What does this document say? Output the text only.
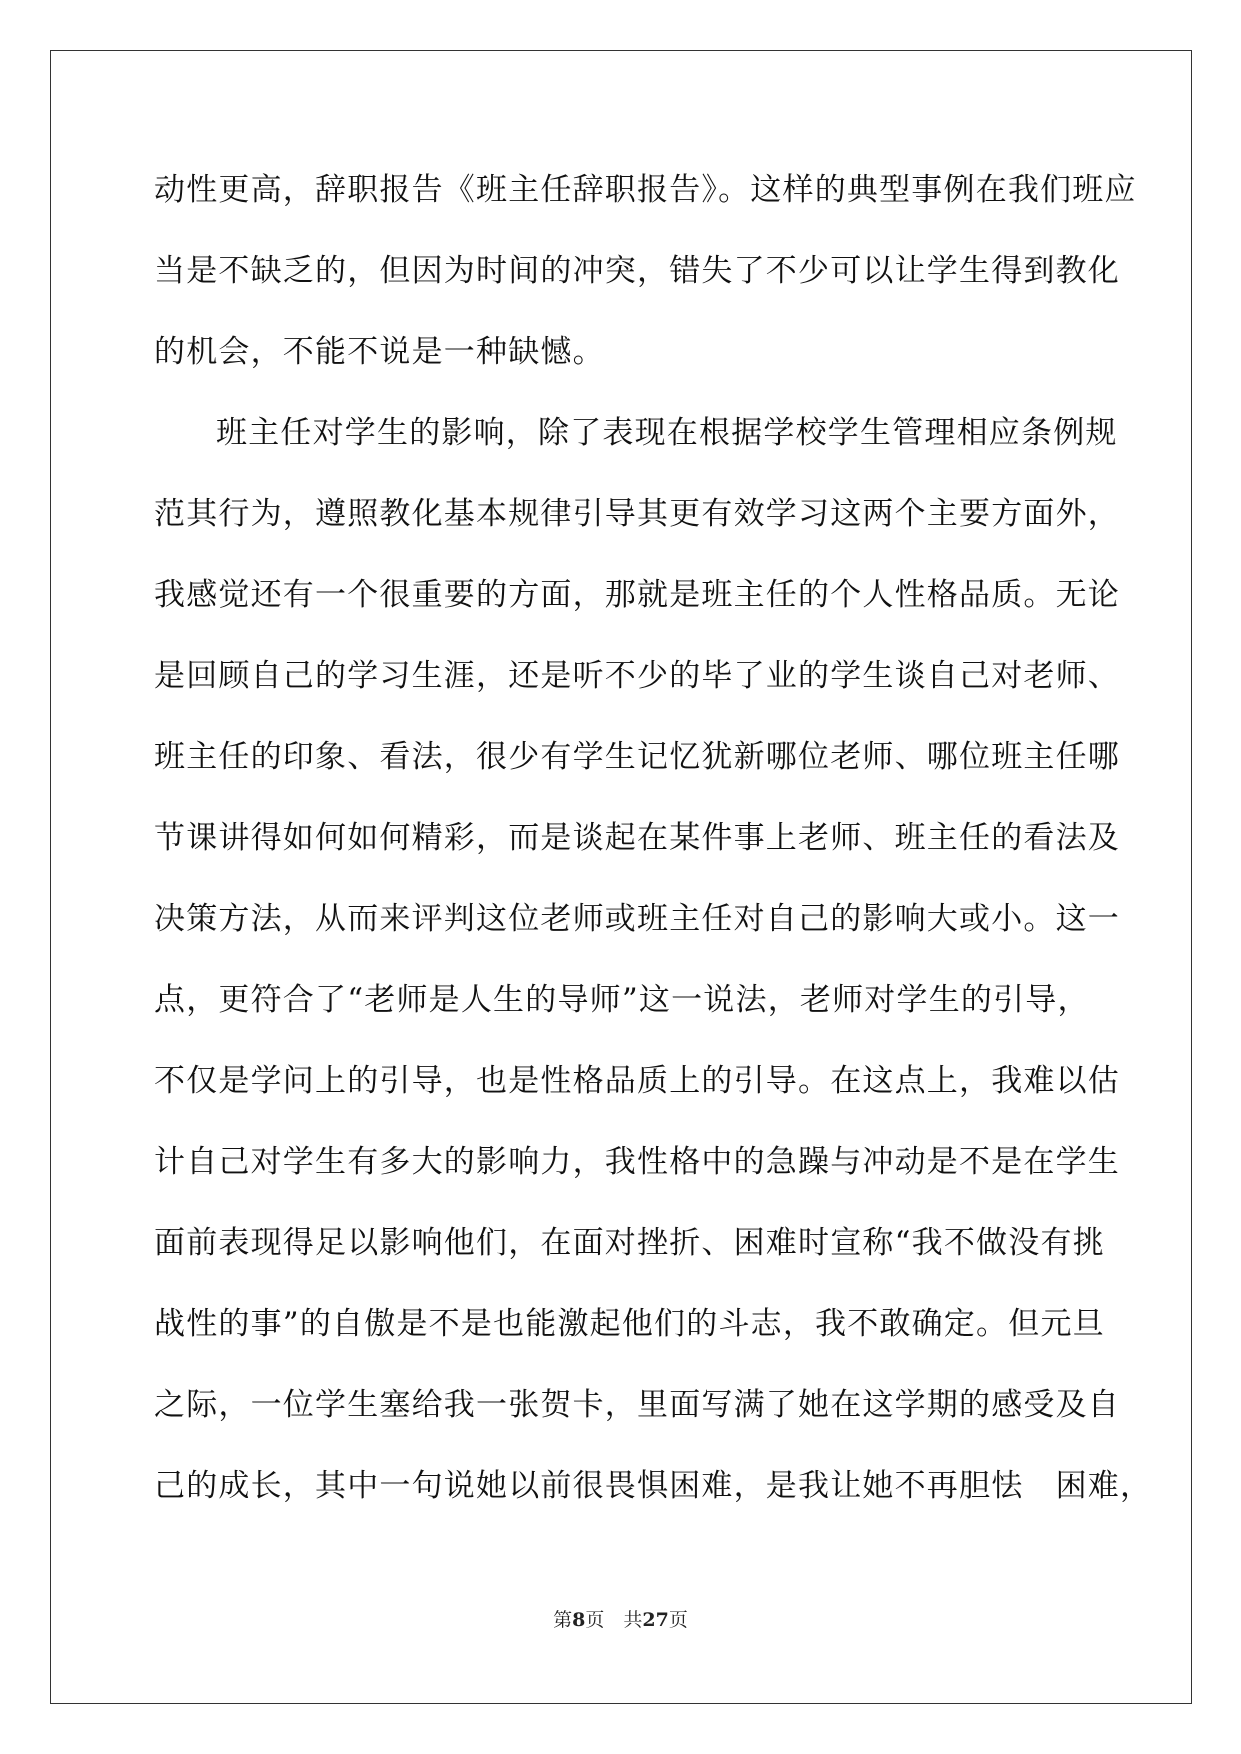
动性更高，辞职报告《班主任辞职报告》。这样的典型事例在我们班应
当是不缺乏的，但因为时间的冲突，错失了不少可以让学生得到教化
的机会，不能不说是一种缺憾。
班主任对学生的影响，除了表现在根据学校学生管理相应条例规
范其行为，遵照教化基本规律引导其更有效学习这两个主要方面外，
我感觉还有一个很重要的方面，那就是班主任的个人性格品质。无论
是回顾自己的学习生涯，还是听不少的毕了业的学生谈自己对老师、
班主任的印象、看法，很少有学生记忆犹新哪位老师、哪位班主任哪
节课讲得如何如何精彩，而是谈起在某件事上老师、班主任的看法及
决策方法，从而来评判这位老师或班主任对自己的影响大或小。这一
点，更符合了“老师是人生的导师”这一说法，老师对学生的引导，
不仅是学问上的引导，也是性格品质上的引导。在这点上，我难以估
计自己对学生有多大的影响力，我性格中的急躁与冲动是不是在学生
面前表现得足以影响他们，在面对挫折、困难时宣称“我不做没有挑
战性的事”的自傲是不是也能激起他们的斗志，我不敢确定。但元旦
之际，一位学生塞给我一张贺卡，里面写满了她在这学期的感受及自
己的成长，其中一句说她以前很畏惧困难，是我让她不再胆怯　困难，
第8页　共27页
